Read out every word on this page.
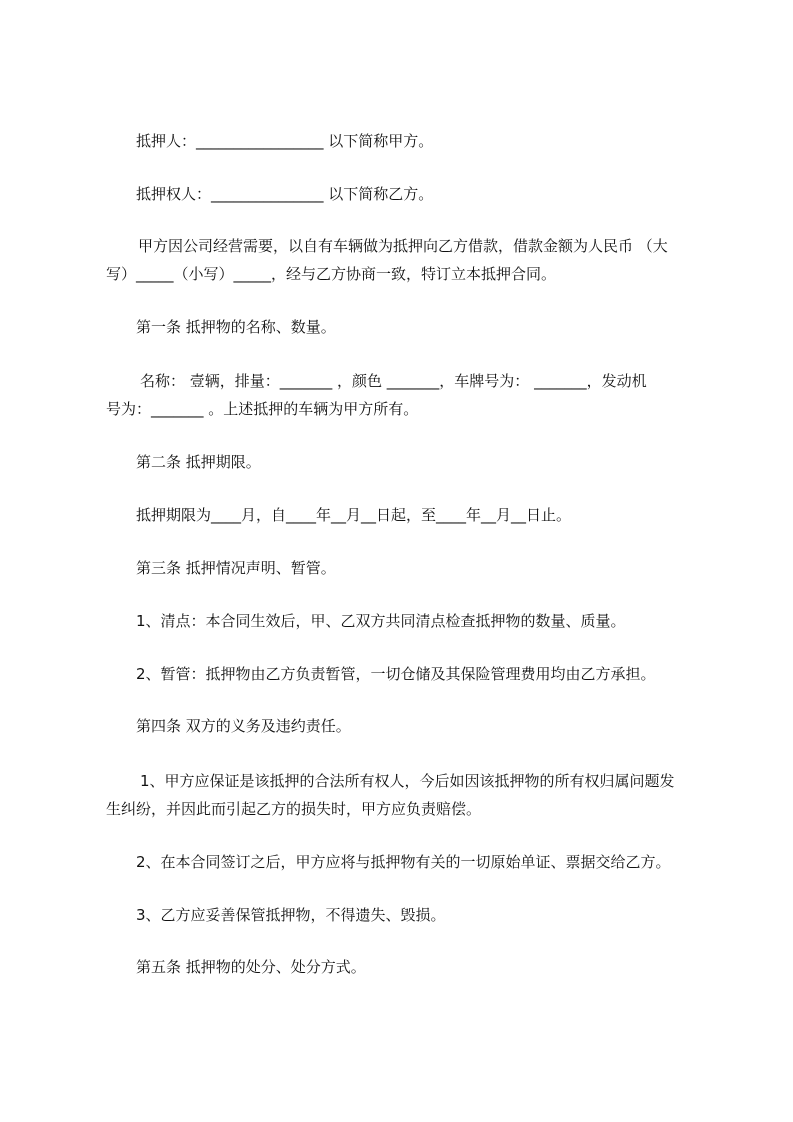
抵押人：_________________ 以下简称甲方。
抵押权人：_______________ 以下简称乙方。
甲方因公司经营需要，以自有车辆做为抵押向乙方借款，借款金额为人民币 （大
写）_____（小写）_____，经与乙方协商一致，特订立本抵押合同。
第一条 抵押物的名称、数量。
名称： 壹辆，排量：_______ ，颜色 _______，车牌号为： _______，发动机
号为：_______ 。上述抵押的车辆为甲方所有。
第二条 抵押期限。
抵押期限为____月，自____年__月__日起，至____年__月__日止。
第三条 抵押情况声明、暂管。
1、清点：本合同生效后，甲、乙双方共同清点检查抵押物的数量、质量。
2、暂管：抵押物由乙方负责暂管，一切仓储及其保险管理费用均由乙方承担。
第四条 双方的义务及违约责任。
1、甲方应保证是该抵押的合法所有权人，今后如因该抵押物的所有权归属问题发
生纠纷，并因此而引起乙方的损失时，甲方应负责赔偿。
2、在本合同签订之后，甲方应将与抵押物有关的一切原始单证、票据交给乙方。
3、乙方应妥善保管抵押物，不得遗失、毁损。
第五条 抵押物的处分、处分方式。
